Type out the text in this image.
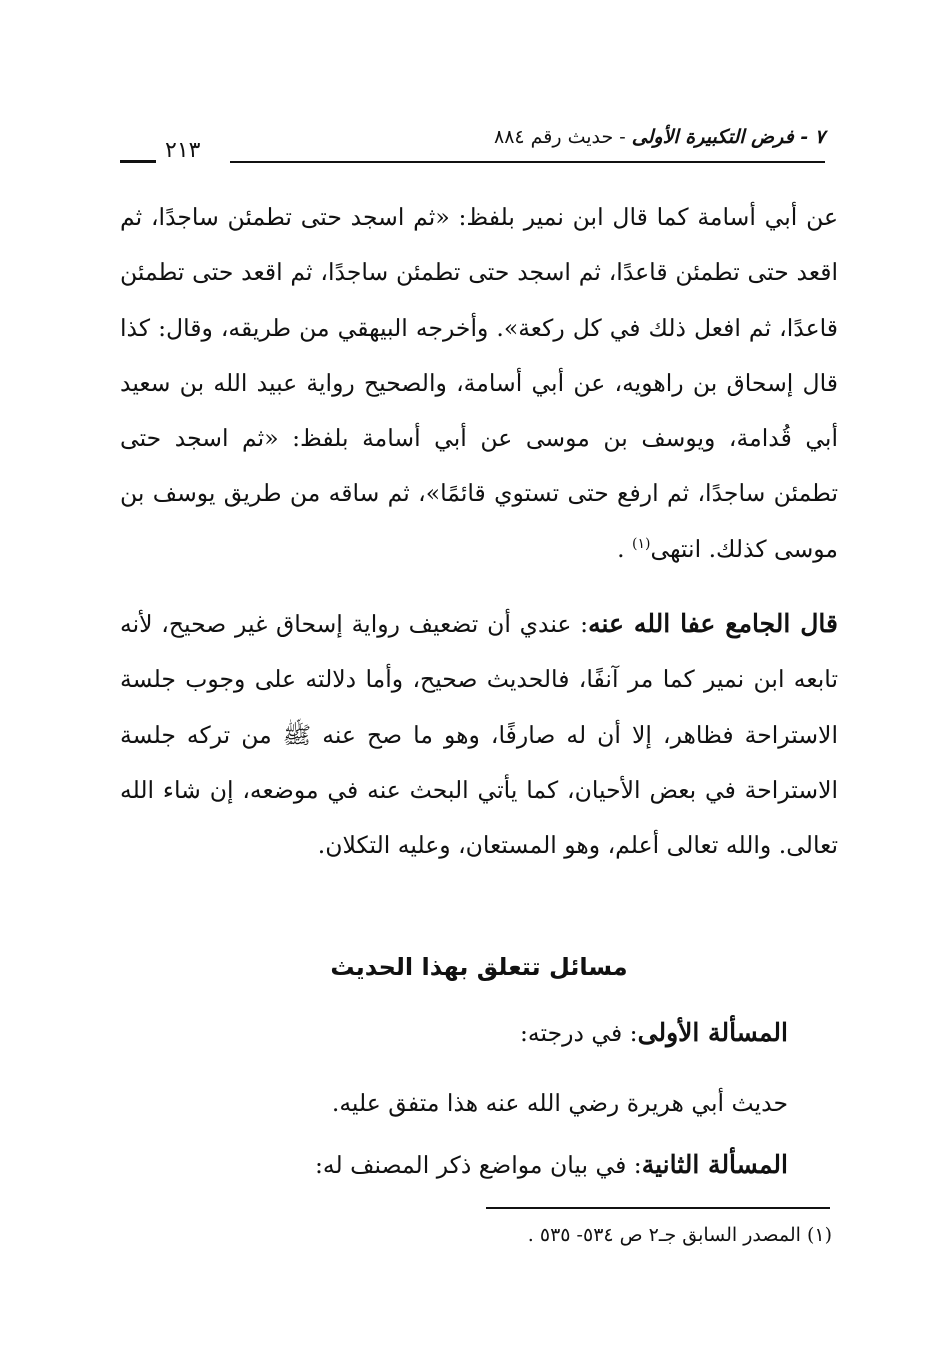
٧ - فرض التكبيرة الأولى - حديث رقم ٨٨٤
٢١٣
عن أبي أسامة كما قال ابن نمير بلفظ: «ثم اسجد حتى تطمئن ساجدًا، ثم اقعد حتى تطمئن قاعدًا، ثم اسجد حتى تطمئن ساجدًا، ثم اقعد حتى تطمئن قاعدًا، ثم افعل ذلك في كل ركعة». وأخرجه البيهقي من طريقه، وقال: كذا قال إسحاق بن راهويه، عن أبي أسامة، والصحيح رواية عبيد الله بن سعيد أبي قُدامة، ويوسف بن موسى عن أبي أسامة بلفظ: «ثم اسجد حتى تطمئن ساجدًا، ثم ارفع حتى تستوي قائمًا»، ثم ساقه من طريق يوسف بن موسى كذلك. انتهى$^{(١)}$ .
قال الجامع عفا الله عنه: عندي أن تضعيف رواية إسحاق غير صحيح، لأنه تابعه ابن نمير كما مر آنفًا، فالحديث صحيح، وأما دلالته على وجوب جلسة الاستراحة فظاهر، إلا أن له صارفًا، وهو ما صح عنه ﷺ من تركه جلسة الاستراحة في بعض الأحيان، كما يأتي البحث عنه في موضعه، إن شاء الله تعالى. والله تعالى أعلم، وهو المستعان، وعليه التكلان.
مسائل تتعلق بهذا الحديث
المسألة الأولى: في درجته:
حديث أبي هريرة رضي الله عنه هذا متفق عليه.
المسألة الثانية: في بيان مواضع ذكر المصنف له:
(١) المصدر السابق جـ٢ ص ٥٣٤- ٥٣٥ .
